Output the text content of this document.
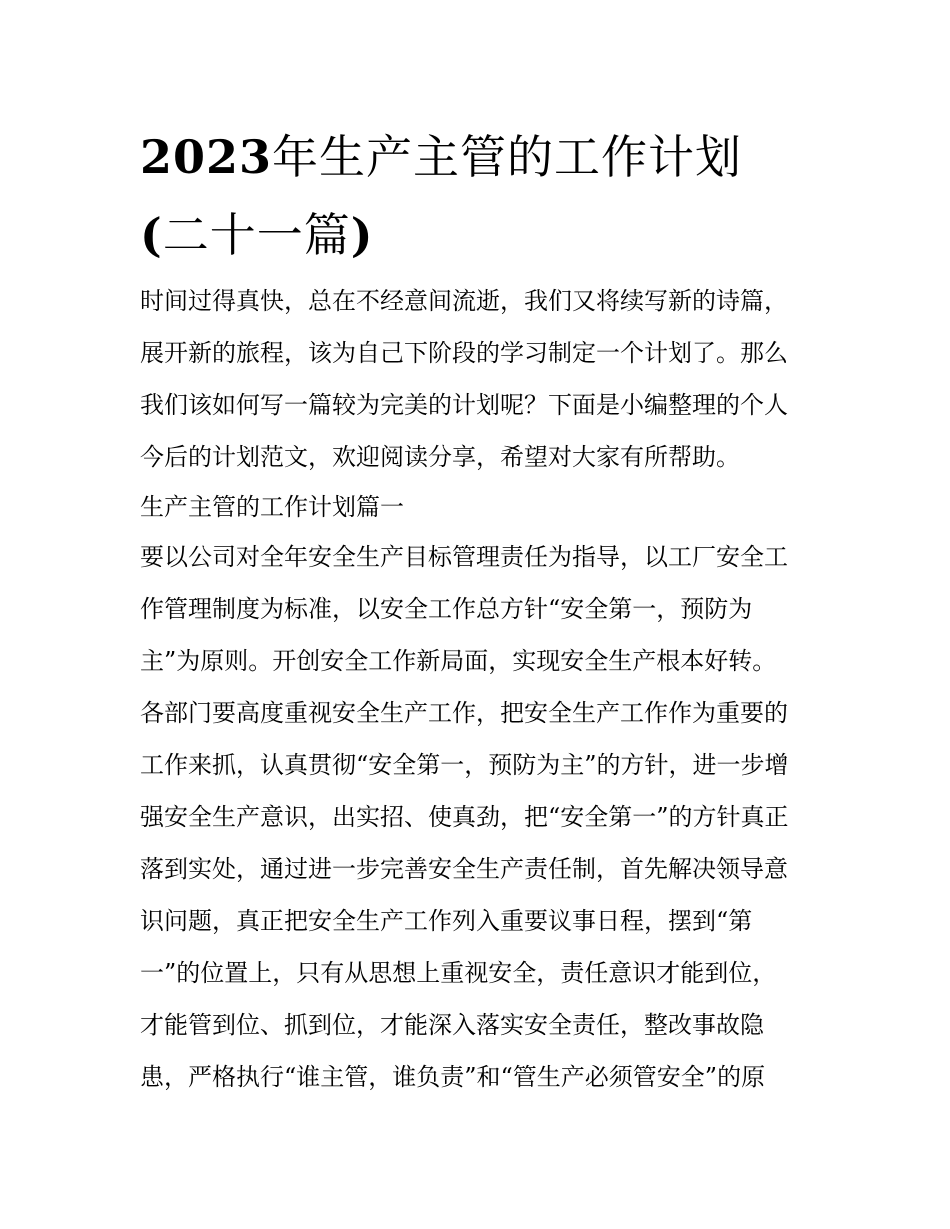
2023年生产主管的工作计划
(二十一篇)
时间过得真快，总在不经意间流逝，我们又将续写新的诗篇，
展开新的旅程，该为自己下阶段的学习制定一个计划了。那么
我们该如何写一篇较为完美的计划呢？下面是小编整理的个人
今后的计划范文，欢迎阅读分享，希望对大家有所帮助。
生产主管的工作计划篇一
要以公司对全年安全生产目标管理责任为指导，以工厂安全工
作管理制度为标准，以安全工作总方针“安全第一，预防为
主”为原则。开创安全工作新局面，实现安全生产根本好转。
各部门要高度重视安全生产工作，把安全生产工作作为重要的
工作来抓，认真贯彻“安全第一，预防为主”的方针，进一步增
强安全生产意识，出实招、使真劲，把“安全第一”的方针真正
落到实处，通过进一步完善安全生产责任制，首先解决领导意
识问题，真正把安全生产工作列入重要议事日程，摆到“第
一”的位置上，只有从思想上重视安全，责任意识才能到位，
才能管到位、抓到位，才能深入落实安全责任，整改事故隐
患，严格执行“谁主管，谁负责”和“管生产必须管安全”的原
